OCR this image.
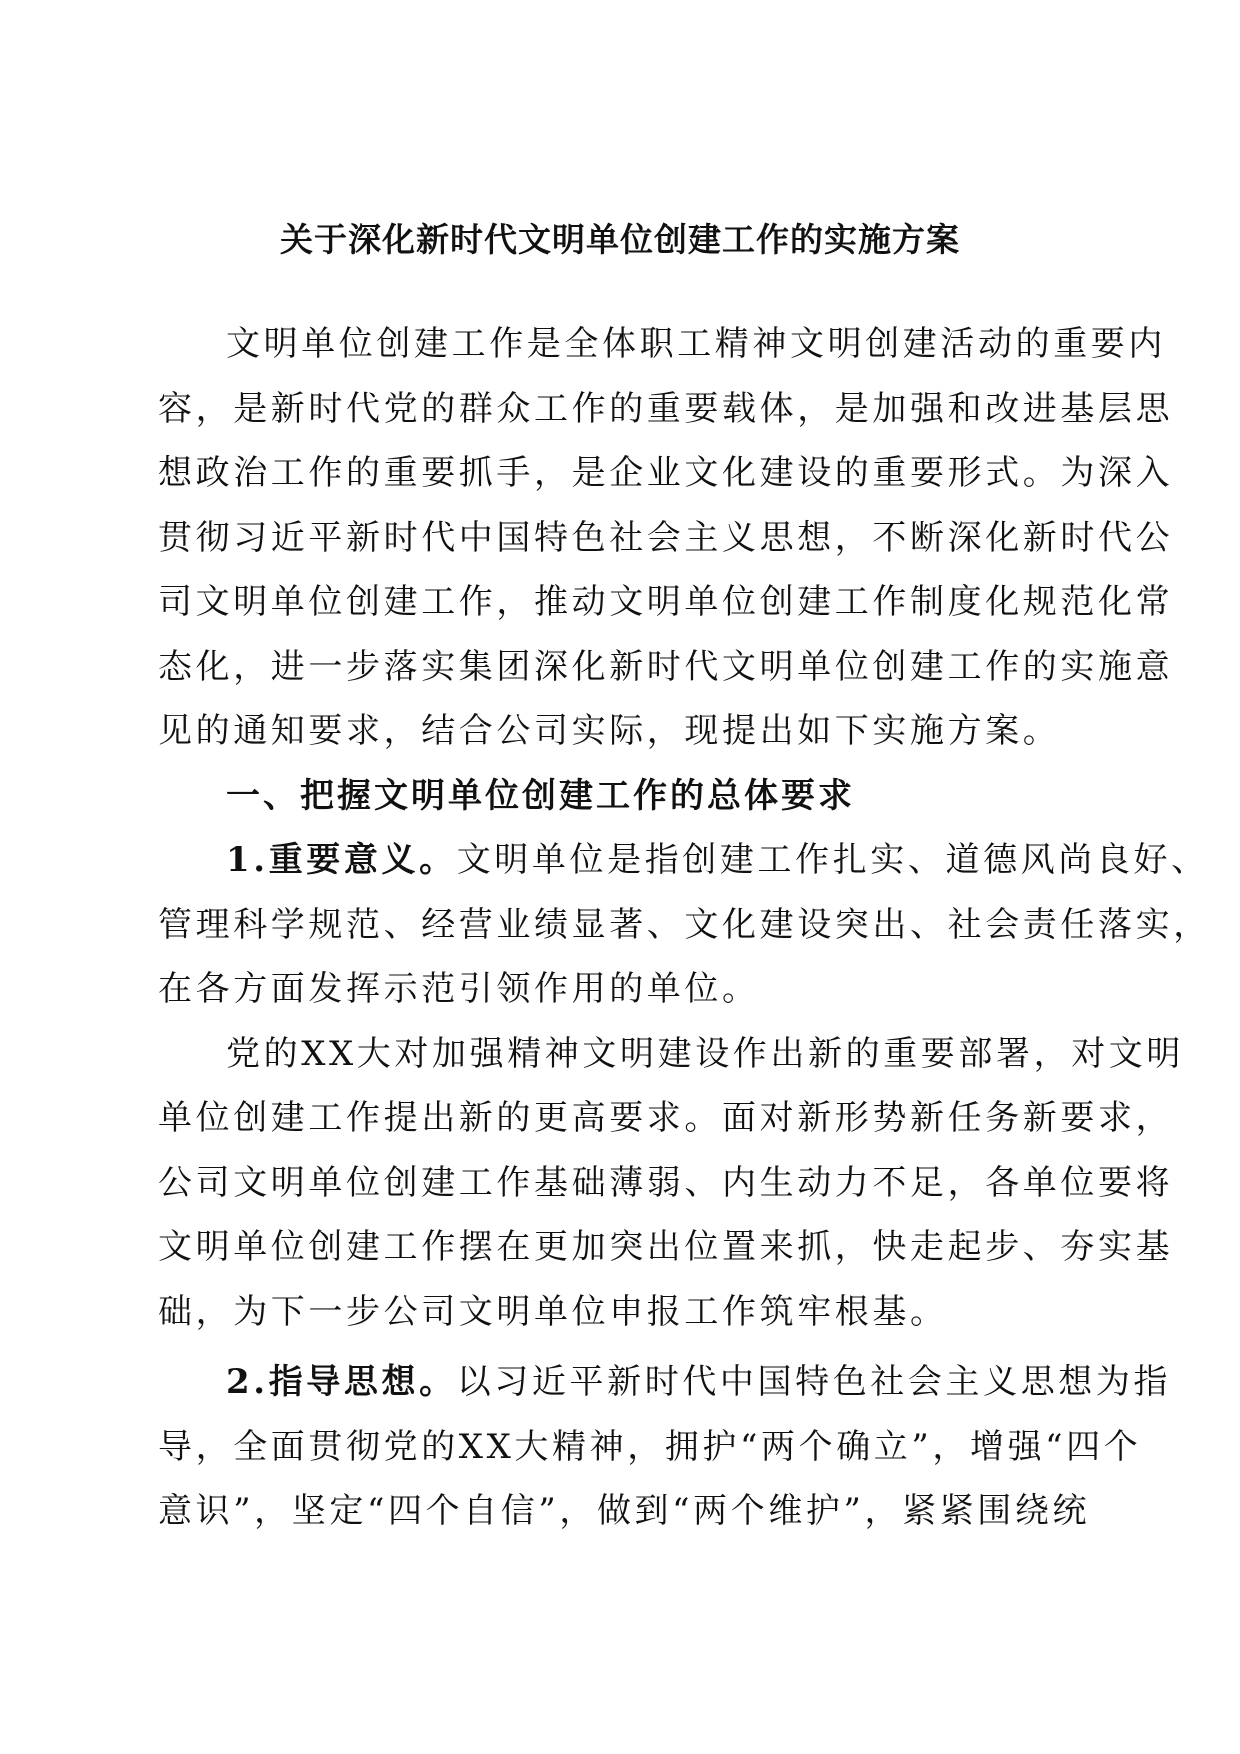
关于深化新时代文明单位创建工作的实施方案
文明单位创建工作是全体职工精神文明创建活动的重要内
容，是新时代党的群众工作的重要载体，是加强和改进基层思
想政治工作的重要抓手，是企业文化建设的重要形式。为深入
贯彻习近平新时代中国特色社会主义思想，不断深化新时代公
司文明单位创建工作，推动文明单位创建工作制度化规范化常
态化，进一步落实集团深化新时代文明单位创建工作的实施意
见的通知要求，结合公司实际，现提出如下实施方案。
一、把握文明单位创建工作的总体要求
1.重要意义。文明单位是指创建工作扎实、道德风尚良好、
管理科学规范、经营业绩显著、文化建设突出、社会责任落实，
在各方面发挥示范引领作用的单位。
党的XX大对加强精神文明建设作出新的重要部署，对文明
单位创建工作提出新的更高要求。面对新形势新任务新要求，
公司文明单位创建工作基础薄弱、内生动力不足，各单位要将
文明单位创建工作摆在更加突出位置来抓，快走起步、夯实基
础，为下一步公司文明单位申报工作筑牢根基。
2.指导思想。以习近平新时代中国特色社会主义思想为指
导，全面贯彻党的XX大精神，拥护“两个确立”，增强“四个
意识”，坚定“四个自信”，做到“两个维护”，紧紧围绕统
